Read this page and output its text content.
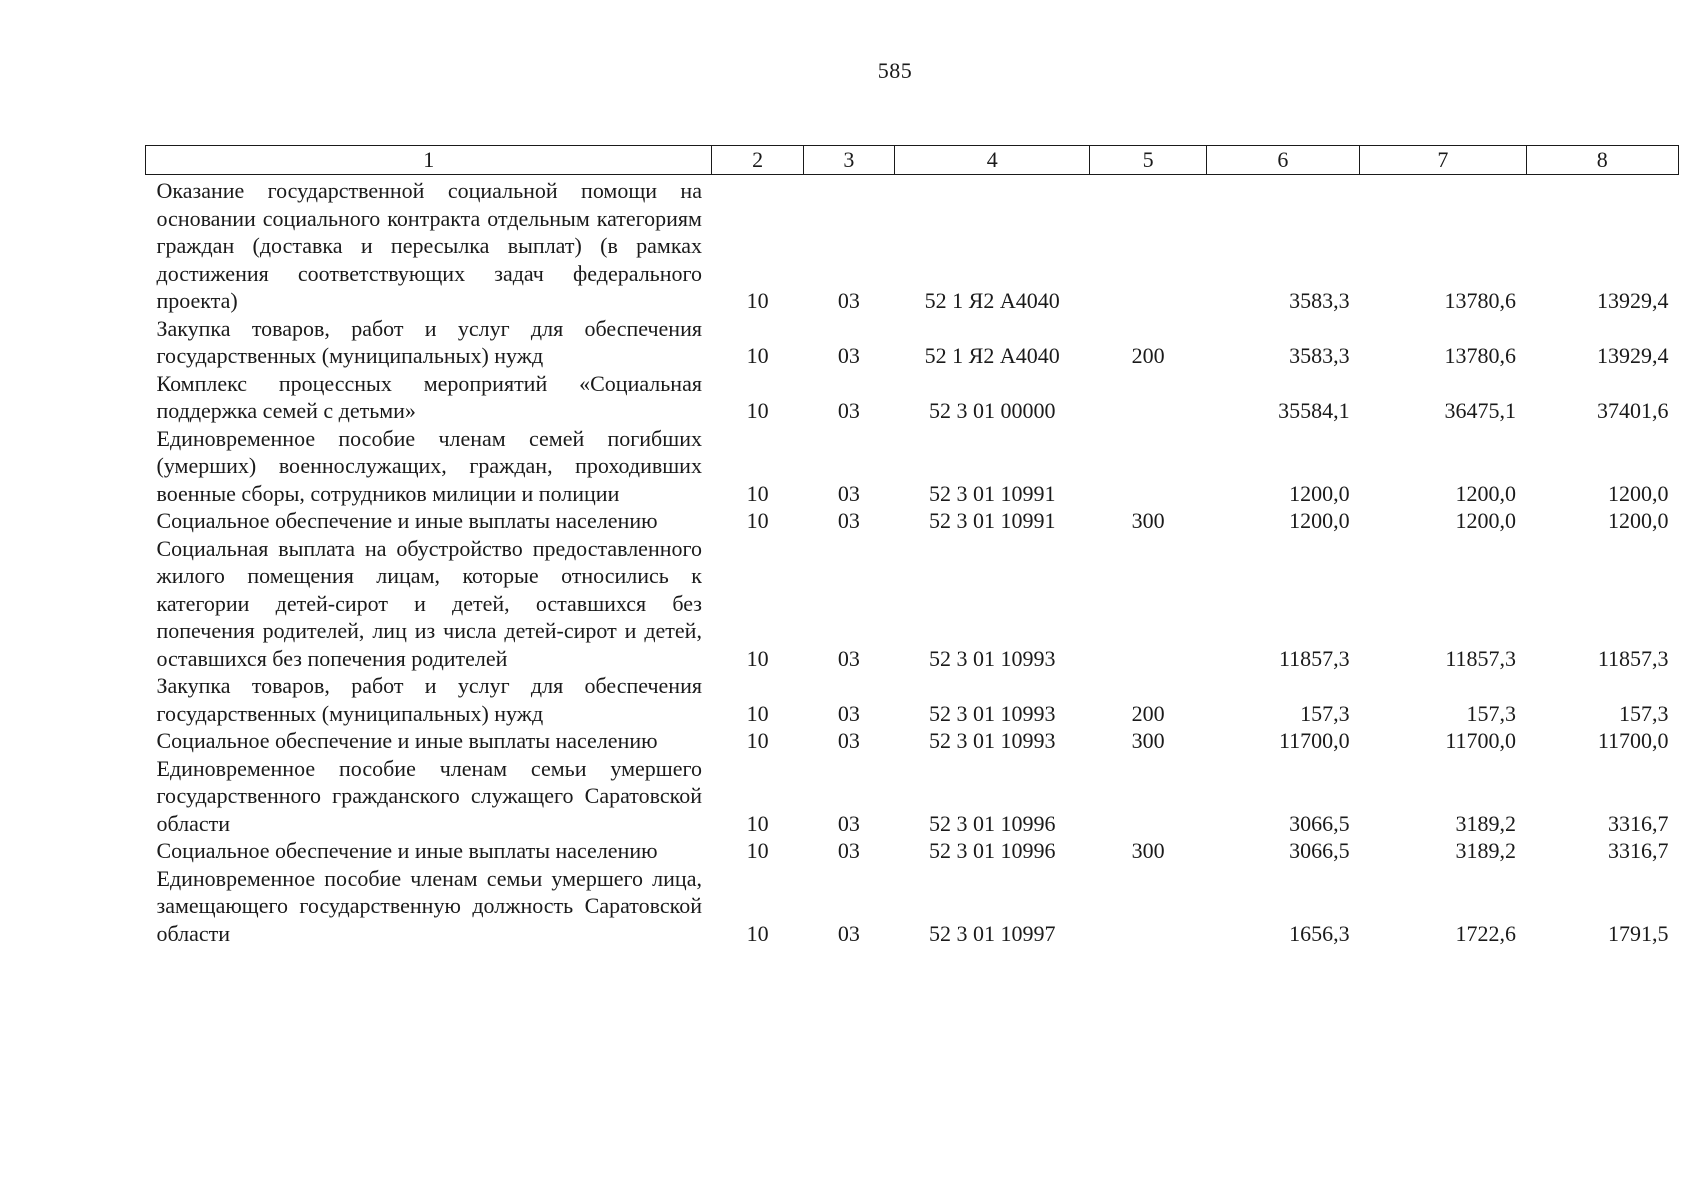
585
1	2	3	4	5	6	7	8
Оказание государственной социальной помощи на основании социального контракта отдельным категориям граждан (доставка и пересылка выплат) (в рамках достижения соответствующих задач федерального проекта)	10	03	52 1 Я2 А4040		3583,3	13780,6	13929,4
Закупка товаров, работ и услуг для обеспечения государственных (муниципальных) нужд	10	03	52 1 Я2 А4040	200	3583,3	13780,6	13929,4
Комплекс процессных мероприятий «Социальная поддержка семей с детьми»	10	03	52 3 01 00000		35584,1	36475,1	37401,6
Единовременное пособие членам семей погибших (умерших) военнослужащих, граждан, проходивших военные сборы, сотрудников милиции и полиции	10	03	52 3 01 10991		1200,0	1200,0	1200,0
Социальное обеспечение и иные выплаты населению	10	03	52 3 01 10991	300	1200,0	1200,0	1200,0
Социальная выплата на обустройство предоставленного жилого помещения лицам, которые относились к категории детей-сирот и детей, оставшихся без попечения родителей, лиц из числа детей-сирот и детей, оставшихся без попечения родителей	10	03	52 3 01 10993		11857,3	11857,3	11857,3
Закупка товаров, работ и услуг для обеспечения государственных (муниципальных) нужд	10	03	52 3 01 10993	200	157,3	157,3	157,3
Социальное обеспечение и иные выплаты населению	10	03	52 3 01 10993	300	11700,0	11700,0	11700,0
Единовременное пособие членам семьи умершего государственного гражданского служащего Саратовской области	10	03	52 3 01 10996		3066,5	3189,2	3316,7
Социальное обеспечение и иные выплаты населению	10	03	52 3 01 10996	300	3066,5	3189,2	3316,7
Единовременное пособие членам семьи умершего лица, замещающего государственную должность Саратовской области	10	03	52 3 01 10997		1656,3	1722,6	1791,5
